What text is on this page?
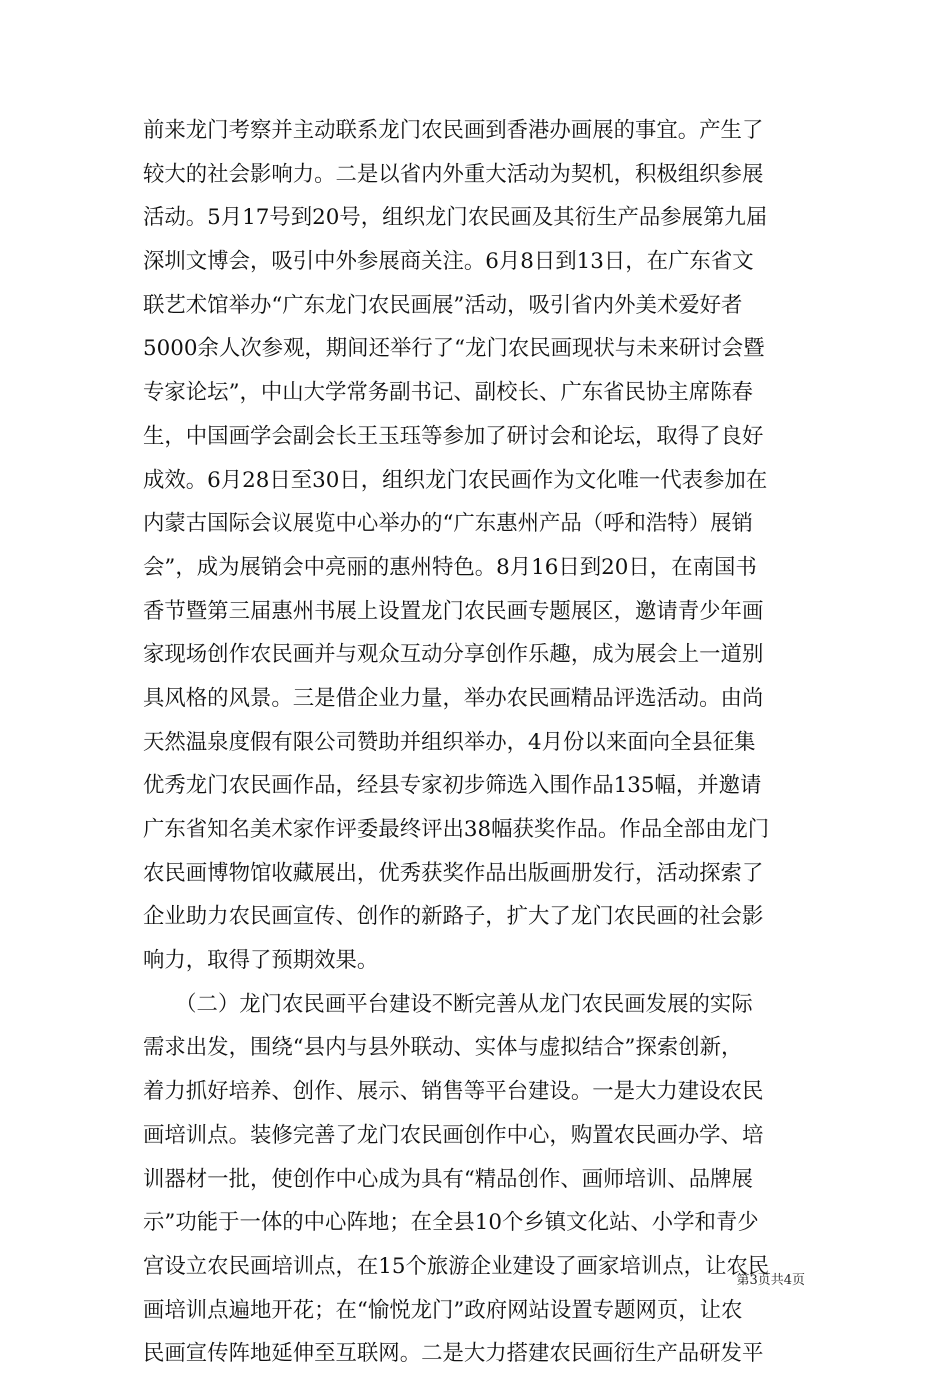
前来龙门考察并主动联系龙门农民画到香港办画展的事宜。产生了
较大的社会影响力。二是以省内外重大活动为契机，积极组织参展
活动。5月17号到20号，组织龙门农民画及其衍生产品参展第九届
深圳文博会，吸引中外参展商关注。6月8日到13日，在广东省文
联艺术馆举办“广东龙门农民画展”活动，吸引省内外美术爱好者
5000余人次参观，期间还举行了“龙门农民画现状与未来研讨会暨
专家论坛”，中山大学常务副书记、副校长、广东省民协主席陈春
生，中国画学会副会长王玉珏等参加了研讨会和论坛，取得了良好
成效。6月28日至30日，组织龙门农民画作为文化唯一代表参加在
内蒙古国际会议展览中心举办的“广东惠州产品（呼和浩特）展销
会”，成为展销会中亮丽的惠州特色。8月16日到20日，在南国书
香节暨第三届惠州书展上设置龙门农民画专题展区，邀请青少年画
家现场创作农民画并与观众互动分享创作乐趣，成为展会上一道别
具风格的风景。三是借企业力量，举办农民画精品评选活动。由尚
天然温泉度假有限公司赞助并组织举办，4月份以来面向全县征集
优秀龙门农民画作品，经县专家初步筛选入围作品135幅，并邀请
广东省知名美术家作评委最终评出38幅获奖作品。作品全部由龙门
农民画博物馆收藏展出，优秀获奖作品出版画册发行，活动探索了
企业助力农民画宣传、创作的新路子，扩大了龙门农民画的社会影
响力，取得了预期效果。
　　（二）龙门农民画平台建设不断完善从龙门农民画发展的实际
需求出发，围绕“县内与县外联动、实体与虚拟结合”探索创新，
着力抓好培养、创作、展示、销售等平台建设。一是大力建设农民
画培训点。装修完善了龙门农民画创作中心，购置农民画办学、培
训器材一批，使创作中心成为具有“精品创作、画师培训、品牌展
示”功能于一体的中心阵地；在全县10个乡镇文化站、小学和青少
宫设立农民画培训点，在15个旅游企业建设了画家培训点，让农民
画培训点遍地开花；在“愉悦龙门”政府网站设置专题网页，让农
民画宣传阵地延伸至互联网。二是大力搭建农民画衍生产品研发平
第3页共4页
